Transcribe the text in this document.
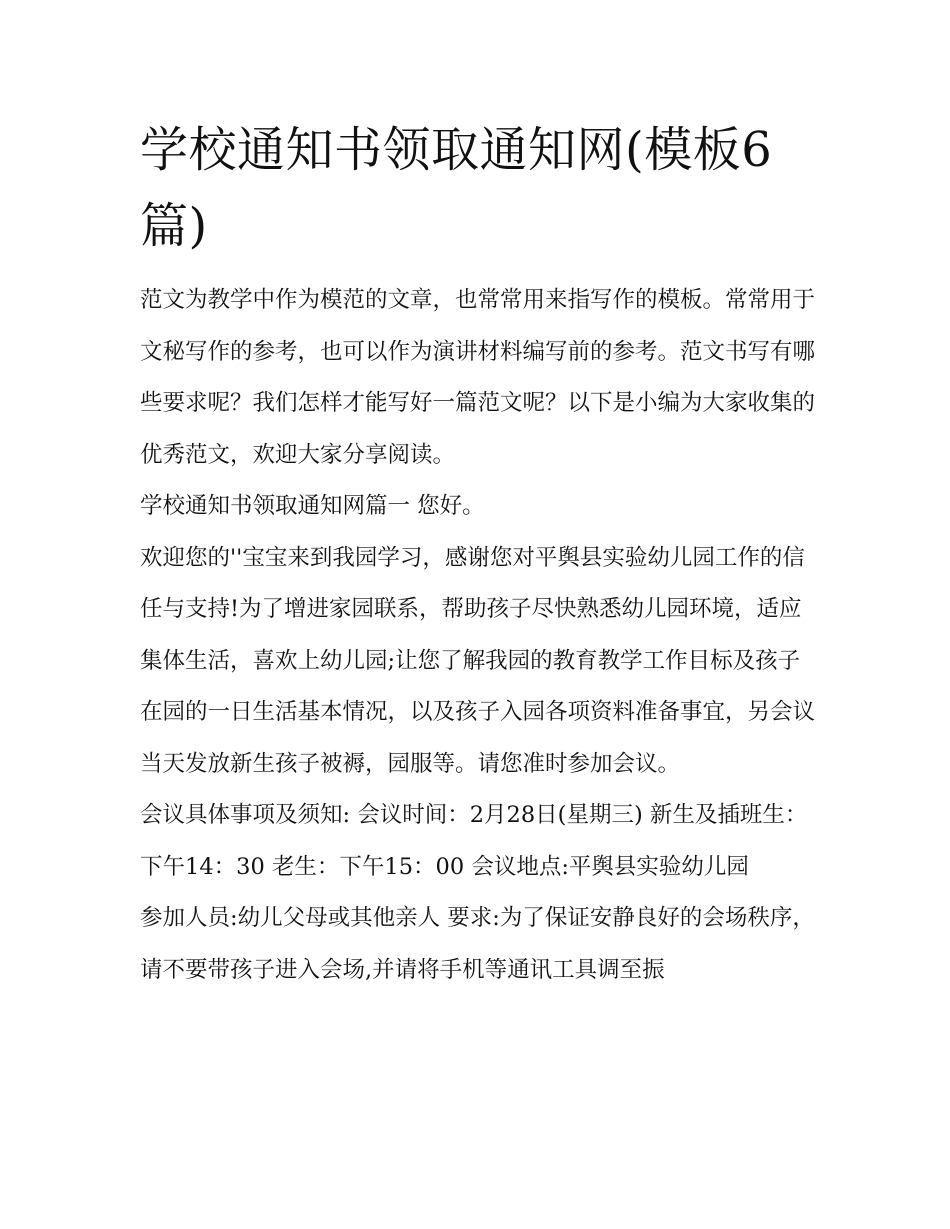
学校通知书领取通知网(模板6篇)

范文为教学中作为模范的文章，也常常用来指写作的模板。常常用于文秘写作的参考，也可以作为演讲材料编写前的参考。范文书写有哪些要求呢？我们怎样才能写好一篇范文呢？以下是小编为大家收集的优秀范文，欢迎大家分享阅读。

学校通知书领取通知网篇一 您好。

欢迎您的''宝宝来到我园学习，感谢您对平舆县实验幼儿园工作的信任与支持!为了增进家园联系，帮助孩子尽快熟悉幼儿园环境，适应集体生活，喜欢上幼儿园;让您了解我园的教育教学工作目标及孩子在园的一日生活基本情况，以及孩子入园各项资料准备事宜，另会议当天发放新生孩子被褥，园服等。请您准时参加会议。

会议具体事项及须知: 会议时间：2月28日(星期三) 新生及插班生：下午14：30 老生：下午15：00 会议地点:平舆县实验幼儿园

参加人员:幼儿父母或其他亲人 要求:为了保证安静良好的会场秩序，请不要带孩子进入会场,并请将手机等通讯工具调至振
